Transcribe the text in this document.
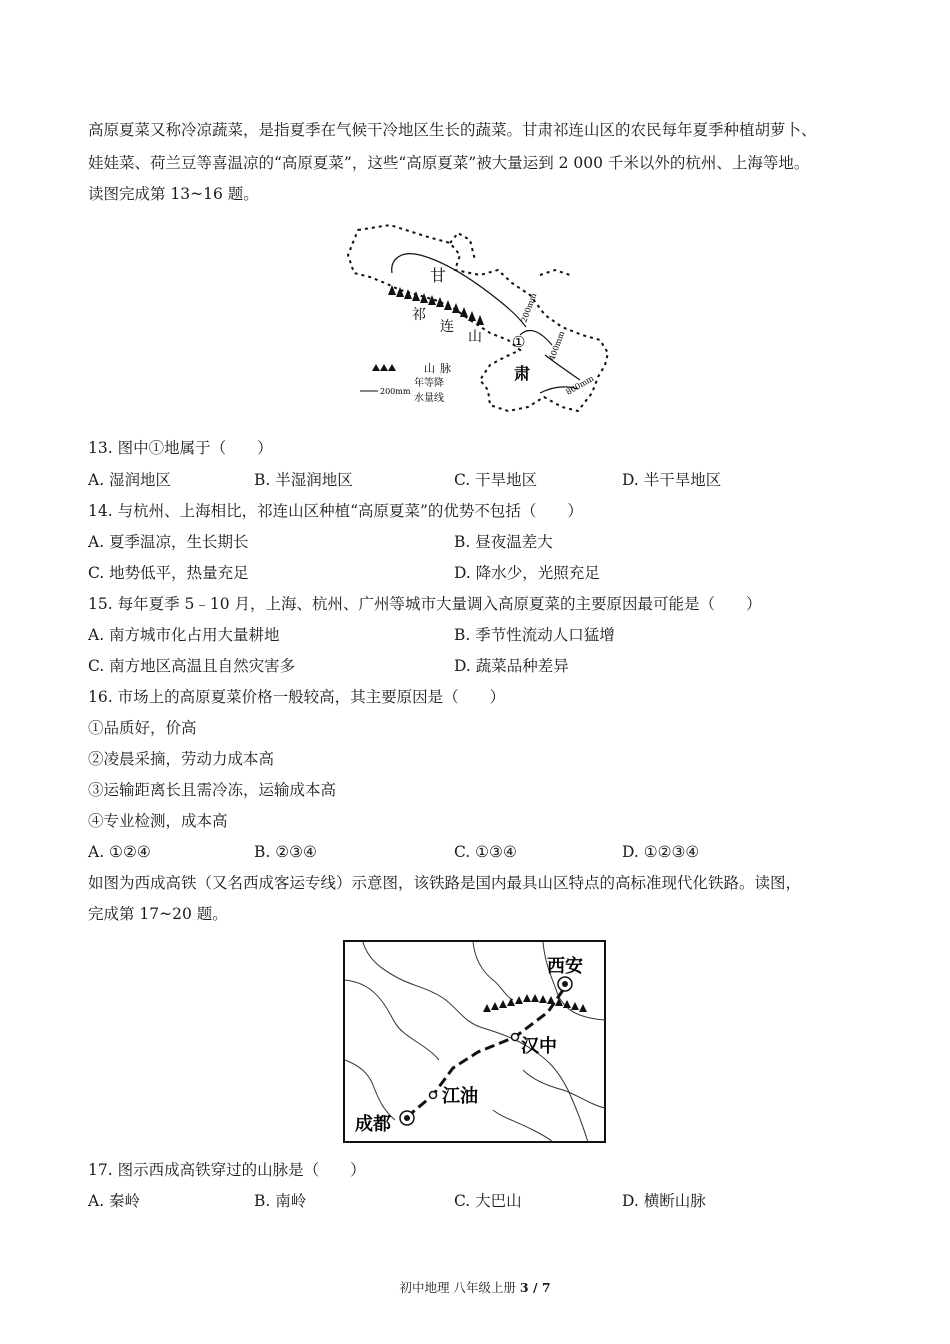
高原夏菜又称冷凉蔬菜，是指夏季在气候干冷地区生长的蔬菜。甘肃祁连山区的农民每年夏季种植胡萝卜、
娃娃菜、荷兰豆等喜温凉的“高原夏菜”，这些“高原夏菜”被大量运到 2 000 千米以外的杭州、上海等地。
读图完成第 13~16 题。
甘
肃
祁
连
山 ①
200mm
400mm
800mm
山 脉
年等降
200mm
水量线
13. 图中①地属于（　　）
A. 湿润地区	B. 半湿润地区	C. 干旱地区	D. 半干旱地区
14. 与杭州、上海相比，祁连山区种植“高原夏菜”的优势不包括（　　）
A. 夏季温凉，生长期长	B. 昼夜温差大
C. 地势低平，热量充足	D. 降水少，光照充足
15. 每年夏季 5﹣10 月，上海、杭州、广州等城市大量调入高原夏菜的主要原因最可能是（　　）
A. 南方城市化占用大量耕地	B. 季节性流动人口猛增
C. 南方地区高温且自然灾害多	D. 蔬菜品种差异
16. 市场上的高原夏菜价格一般较高，其主要原因是（　　）
①品质好，价高
②凌晨采摘，劳动力成本高
③运输距离长且需冷冻，运输成本高
④专业检测，成本高
A. ①②④	B. ②③④	C. ①③④	D. ①②③④
如图为西成高铁（又名西成客运专线）示意图，该铁路是国内最具山区特点的高标准现代化铁路。读图，
完成第 17~20 题。
西安
汉中
江油
成都
17. 图示西成高铁穿过的山脉是（　　）
A. 秦岭	B. 南岭	C. 大巴山	D. 横断山脉
初中地理 八年级上册 3 / 7
